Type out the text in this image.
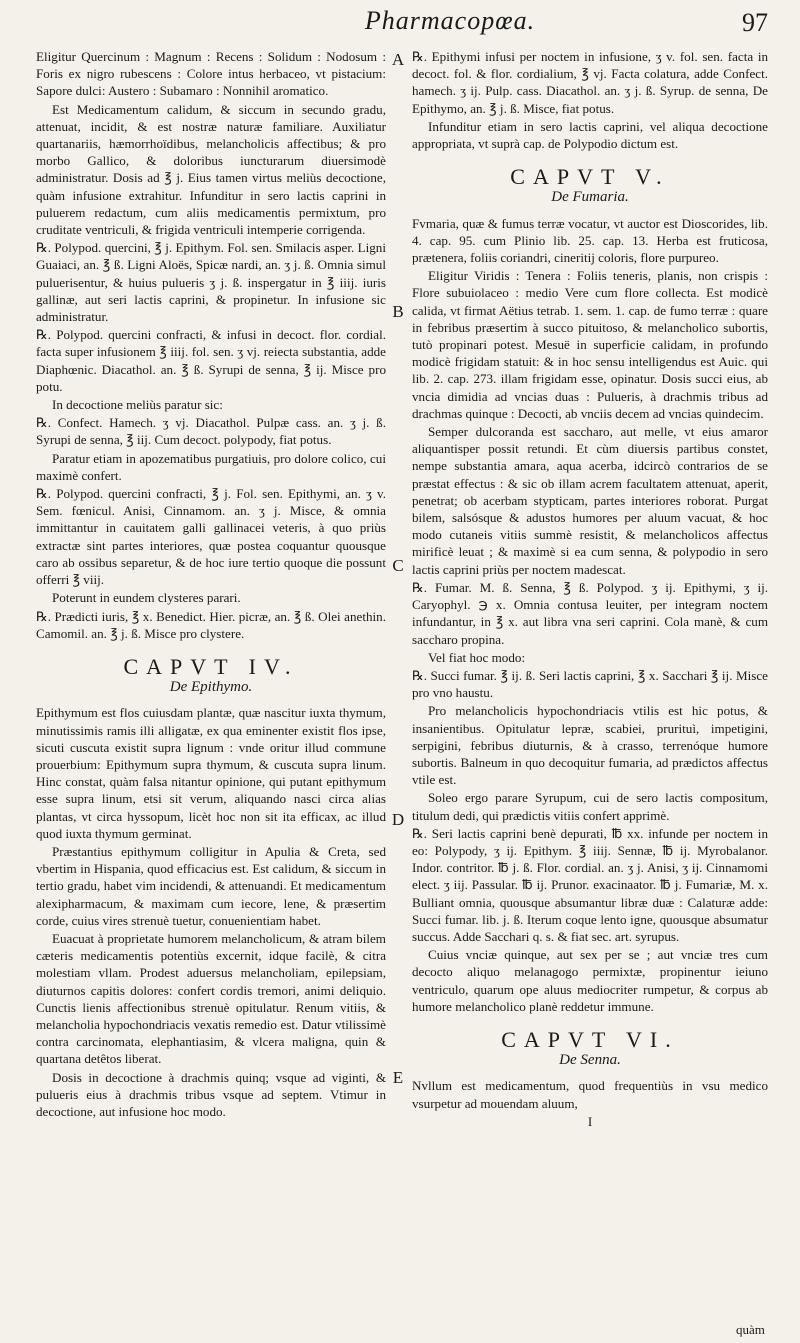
Pharmacopœa.	97
A
B
C
D
E

Eligitur Quercinum : Magnum : Recens : Solidum : Nodosum : Foris ex nigro rubescens : Colore intus herbaceo, vt pistacium: Sapore dulci: Austero : Subamaro : Nonnihil aromatico.

Est Medicamentum calidum, & siccum in secundo gradu, attenuat, incidit, & est nostræ naturæ familiare. Auxiliatur quartanariis, hæmorrhoïdibus, melancholicis affectibus; & pro morbo Gallico, & doloribus iuncturarum diuersimodè administratur. Dosis ad ℥ j. Eius tamen virtus meliùs decoctione, quàm infusione extrahitur. Infunditur in sero lactis caprini in puluerem redactum, cum aliis medicamentis permixtum, pro cruditate ventriculi, & frigida ventriculi intemperie corrigenda.

℞. Polypod. quercini, ℥ j. Epithym. Fol. sen. Smilacis asper. Ligni Guaiaci, an. ℥ ß. Ligni Aloës, Spicæ nardi, an. ʒ j. ß. Omnia simul puluerisentur, & huius pulueris ʒ j. ß. inspergatur in ℥ iiij. iuris gallinæ, aut seri lactis caprini, & propinetur. In infusione sic administratur.

℞. Polypod. quercini confracti, & infusi in decoct. flor. cordial. facta super infusionem ℥ iiij. fol. sen. ʒ vj. reiecta substantia, adde Diaphœnic. Diacathol. an. ℥ ß. Syrupi de senna, ℥ ij. Misce pro potu.

In decoctione meliùs paratur sic:

℞. Confect. Hamech. ʒ vj. Diacathol. Pulpæ cass. an. ʒ j. ß. Syrupi de senna, ℥ iij. Cum decoct. polypody, fiat potus.

Paratur etiam in apozematibus purgatiuis, pro dolore colico, cui maximè confert.

℞. Polypod. quercini confracti, ℥ j. Fol. sen. Epithymi, an. ʒ v. Sem. fœnicul. Anisi, Cinnamom. an. ʒ j. Misce, & omnia immittantur in cauitatem galli gallinacei veteris, à quo priùs extractæ sint partes interiores, quæ postea coquantur quousque caro ab ossibus separetur, & de hoc iure tertio quoque die possunt offerri ℥ viij.

Poterunt in eundem clysteres parari.

℞. Prædicti iuris, ℥ x. Benedict. Hier. picræ, an. ℥ ß. Olei anethin. Camomil. an. ℥ j. ß. Misce pro clystere.

CAPVT IV.
De Epithymo.

Epithymum est flos cuiusdam plantæ, quæ nascitur iuxta thymum, minutissimis ramis illi alligatæ, ex qua eminenter existit flos ipse, sicuti cuscuta existit supra lignum : vnde oritur illud commune prouerbium: Epithymum supra thymum, & cuscuta supra linum. Hinc constat, quàm falsa nitantur opinione, qui putant epithymum esse supra linum, etsi sit verum, aliquando nasci circa alias plantas, vt circa hyssopum, licèt hoc non sit ita efficax, ac illud quod iuxta thymum germinat.

Præstantius epithymum colligitur in Apulia & Creta, sed vbertim in Hispania, quod efficacius est. Est calidum, & siccum in tertio gradu, habet vim incidendi, & attenuandi. Et medicamentum alexipharmacum, & maximam cum iecore, lene, & præsertim corde, cuius vires strenuè tuetur, conuenientiam habet.

Euacuat à proprietate humorem melancholicum, & atram bilem cæteris medicamentis potentiùs excernit, idque facilè, & citra molestiam vllam. Prodest aduersus melancholiam, epilepsiam, diuturnos capitis dolores: confert cordis tremori, animi deliquio. Cunctis lienis affectionibus strenuè opitulatur. Renum vitiis, & melancholia hypochondriacis vexatis remedio est. Datur vtilissimè contra carcinomata, elephantiasim, & vlcera maligna, quin & quartana detêtos liberat.

Dosis in decoctione à drachmis quinq; vsque ad viginti, & pulueris eius à drachmis tribus vsque ad septem. Vtimur in decoctione, aut infusione hoc modo.

℞. Epithymi infusi per noctem in infusione, ʒ v. fol. sen. facta in decoct. fol. & flor. cordialium, ℥ vj. Facta colatura, adde Confect. hamech. ʒ ij. Pulp. cass. Diacathol. an. ʒ j. ß. Syrup. de senna, De Epithymo, an. ℥ j. ß. Misce, fiat potus.

Infunditur etiam in sero lactis caprini, vel aliqua decoctione appropriata, vt suprà cap. de Polypodio dictum est.

CAPVT V.
De Fumaria.

Fvmaria, quæ & fumus terræ vocatur, vt auctor est Dioscorides, lib. 4. cap. 95. cum Plinio lib. 25. cap. 13. Herba est fruticosa, prætenera, foliis coriandri, cineritij coloris, flore purpureo.

Eligitur Viridis : Tenera : Foliis teneris, planis, non crispis : Flore subuiolaceo : medio Vere cum flore collecta. Est modicè calida, vt firmat Aëtius tetrab. 1. sem. 1. cap. de fumo terræ : quare in febribus præsertim à succo pituitoso, & melancholico subortis, tutò propinari potest. Mesuë in superficie calidam, in profundo modicè frigidam statuit: & in hoc sensu intelligendus est Auic. qui lib. 2. cap. 273. illam frigidam esse, opinatur. Dosis succi eius, ab vncia dimidia ad vncias duas : Pulueris, à drachmis tribus ad drachmas quinque : Decocti, ab vnciis decem ad vncias quindecim.

Semper dulcoranda est saccharo, aut melle, vt eius amaror aliquantisper possit retundi. Et cùm diuersis partibus constet, nempe substantia amara, aqua acerba, idcircò contrarios de se præstat effectus : & sic ob illam acrem facultatem attenuat, aperit, penetrat; ob acerbam stypticam, partes interiores roborat. Purgat bilem, salsósque & adustos humores per aluum vacuat, & hoc modo cutaneis vitiis summè resistit, & melancholicos affectus mirificè leuat ; & maximè si ea cum senna, & polypodio in sero lactis caprini priùs per noctem madescat.

℞. Fumar. M. ß. Senna, ℥ ß. Polypod. ʒ ij. Epithymi, ʒ ij. Caryophyl. ℈ x. Omnia contusa leuiter, per integram noctem infundantur, in ℥ x. aut libra vna seri caprini. Cola manè, & cum saccharo propina.

Vel fiat hoc modo:

℞. Succi fumar. ℥ ij. ß. Seri lactis caprini, ℥ x. Sacchari ℥ ij. Misce pro vno haustu.

Pro melancholicis hypochondriacis vtilis est hic potus, & insanientibus. Opitulatur lepræ, scabiei, prurituì, impetigini, serpigini, febribus diuturnis, & à crasso, terrenóque humore subortis. Balneum in quo decoquitur fumaria, ad prædictos affectus vtile est.

Soleo ergo parare Syrupum, cui de sero lactis compositum, titulum dedi, qui prædictis vitiis confert apprimè.

℞. Seri lactis caprini benè depurati, ℔ xx. infunde per noctem in eo: Polypody, ʒ ij. Epithym. ℥ iiij. Sennæ, ℔ ij. Myrobalanor. Indor. contritor. ℔ j. ß. Flor. cordial. an. ʒ j. Anisi, ʒ ij. Cinnamomi elect. ʒ iij. Passular. ℔ ij. Prunor. exacinaator. ℔ j. Fumariæ, M. x. Bulliant omnia, quousque absumantur libræ duæ : Calaturæ adde: Succi fumar. lib. j. ß. Iterum coque lento igne, quousque absumatur succus. Adde Sacchari q. s. & fiat sec. art. syrupus.

Cuius vnciæ quinque, aut sex per se ; aut vnciæ tres cum decocto aliquo melanagogo permixtæ, propinentur ieiuno ventriculo, quarum ope aluus mediocriter rumpetur, & corpus ab humore melancholico planè reddetur immune.

CAPVT VI.
De Senna.

Nvllum est medicamentum, quod frequentiùs in vsu medico vsurpetur ad mouendam aluum,

I

quàm
